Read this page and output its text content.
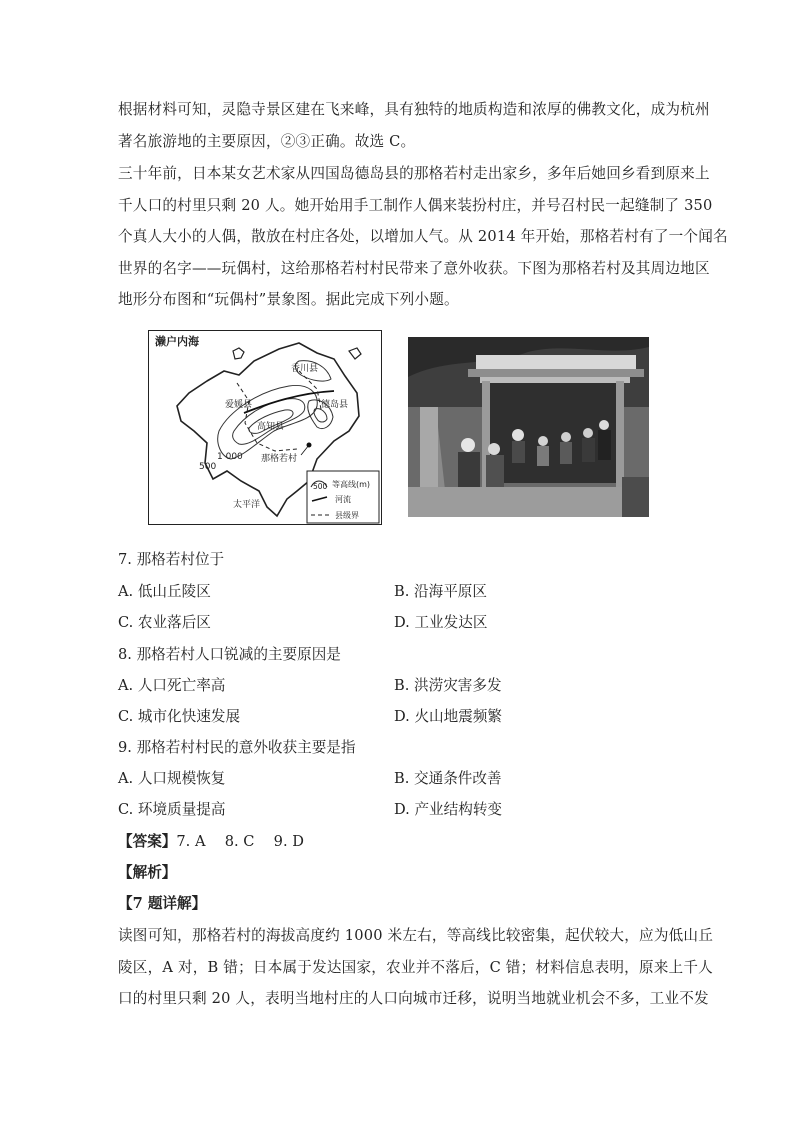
根据材料可知，灵隐寺景区建在飞来峰，具有独特的地质构造和浓厚的佛教文化，成为杭州
著名旅游地的主要原因，②③正确。故选 C。
三十年前，日本某女艺术家从四国岛德岛县的那格若村走出家乡，多年后她回乡看到原来上
千人口的村里只剩 20 人。她开始用手工制作人偶来装扮村庄，并号召村民一起缝制了 350
个真人大小的人偶，散放在村庄各处，以增加人气。从 2014 年开始，那格若村有了一个闻名
世界的名字——玩偶村，这给那格若村村民带来了意外收获。下图为那格若村及其周边地区
地形分布图和“玩偶村”景象图。据此完成下列小题。
濑户内海
香川县
爱媛县	德岛县
高知县
1 000
500
那格若村
太平洋
500 等高线(m)
河流
县级界
7. 那格若村位于
A. 低山丘陵区	B. 沿海平原区
C. 农业落后区	D. 工业发达区
8. 那格若村人口锐减的主要原因是
A. 人口死亡率高	B. 洪涝灾害多发
C. 城市化快速发展	D. 火山地震频繁
9. 那格若村村民的意外收获主要是指
A. 人口规模恢复	B. 交通条件改善
C. 环境质量提高	D. 产业结构转变
【答案】7. A　 8. C　 9. D
【解析】
【7 题详解】
读图可知，那格若村的海拔高度约 1000 米左右，等高线比较密集，起伏较大，应为低山丘
陵区，A 对，B 错；日本属于发达国家，农业并不落后，C 错；材料信息表明，原来上千人
口的村里只剩 20 人，表明当地村庄的人口向城市迁移，说明当地就业机会不多，工业不发
